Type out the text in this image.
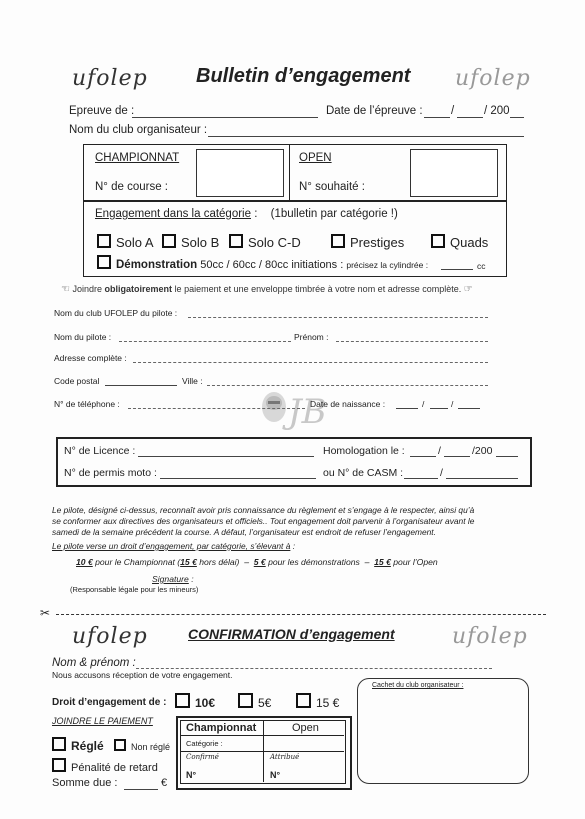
ufolep Bulletin d’engagement ufolep
Epreuve de :	Date de l’épreuve : /	/ 200
Nom du club organisateur :
CHAMPIONNAT
N° de course :
OPEN
N° souhaité :
Engagement dans la catégorie : (1bulletin par catégorie !)
Solo A	Solo B	Solo C-D	Prestiges	Quads
Démonstration 50cc / 60cc / 80cc initiations : précisez la cylindrée :	cc
☜ Joindre obligatoirement le paiement et une enveloppe timbrée à votre nom et adresse complète. ☞
Nom du club UFOLEP du pilote :
Nom du pilote :	Prénom :
Adresse complète :
Code postal	Ville :
JB
N° de téléphone :	Date de naissance :	/	/
N° de Licence :	Homologation le :	/	/200
N° de permis moto :	ou N° de CASM :	/
Le pilote, désigné ci-dessus, reconnaît avoir pris connaissance du règlement et s’engage à le respecter, ainsi qu’à
se conformer aux directives des organisateurs et officiels.. Tout engagement doit parvenir à l’organisateur avant le
samedi de la semaine précédent la course. A défaut, l’organisateur est endroit de refuser l’engagement.
Le pilote verse un droit d’engagement, par catégorie, s’élevant à :
10 € pour le Championnat (15 € hors délai) – 5 € pour les démonstrations – 15 € pour l’Open
Signature :
(Responsable légale pour les mineurs)
✂
ufolep	CONFIRMATION d’engagement	ufolep
Nom & prénom :
Nous accusons réception de votre engagement.
Droit d’engagement de :	10€	5€	15 €
JOINDRE LE PAIEMENT
Réglé	Non réglé
Pénalité de retard
Somme due :	€
Championnat	Open
Catégorie :
Confirmé	Attribué
N°	N°
Cachet du club organisateur :
